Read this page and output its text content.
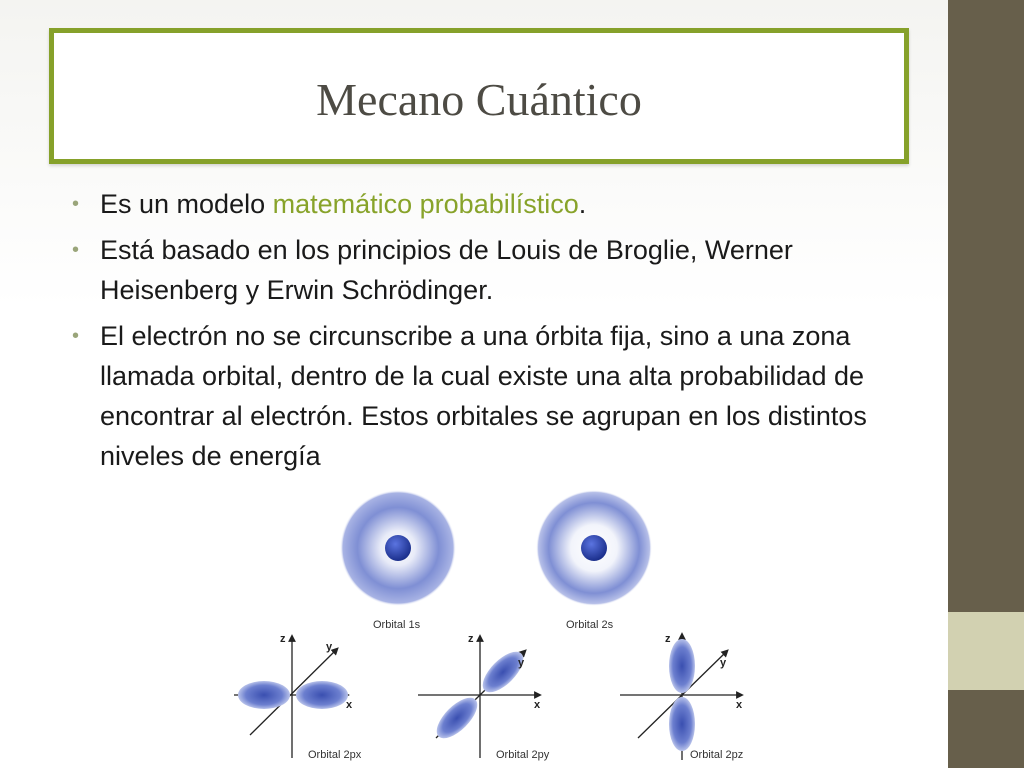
Mecano Cuántico
• Es un modelo matemático probabilístico.
• Está basado en los principios de Louis de Broglie, Werner Heisenberg y Erwin Schrödinger.
• El electrón no se circunscribe a una órbita fija, sino a una zona llamada orbital, dentro de la cual existe una alta probabilidad de encontrar al electrón. Estos orbitales se agrupan en los distintos niveles de energía
Orbital 1s	Orbital 2s
z
y
x
Orbital 2px
z
y
x
Orbital 2py
z
y
x
Orbital 2pz
